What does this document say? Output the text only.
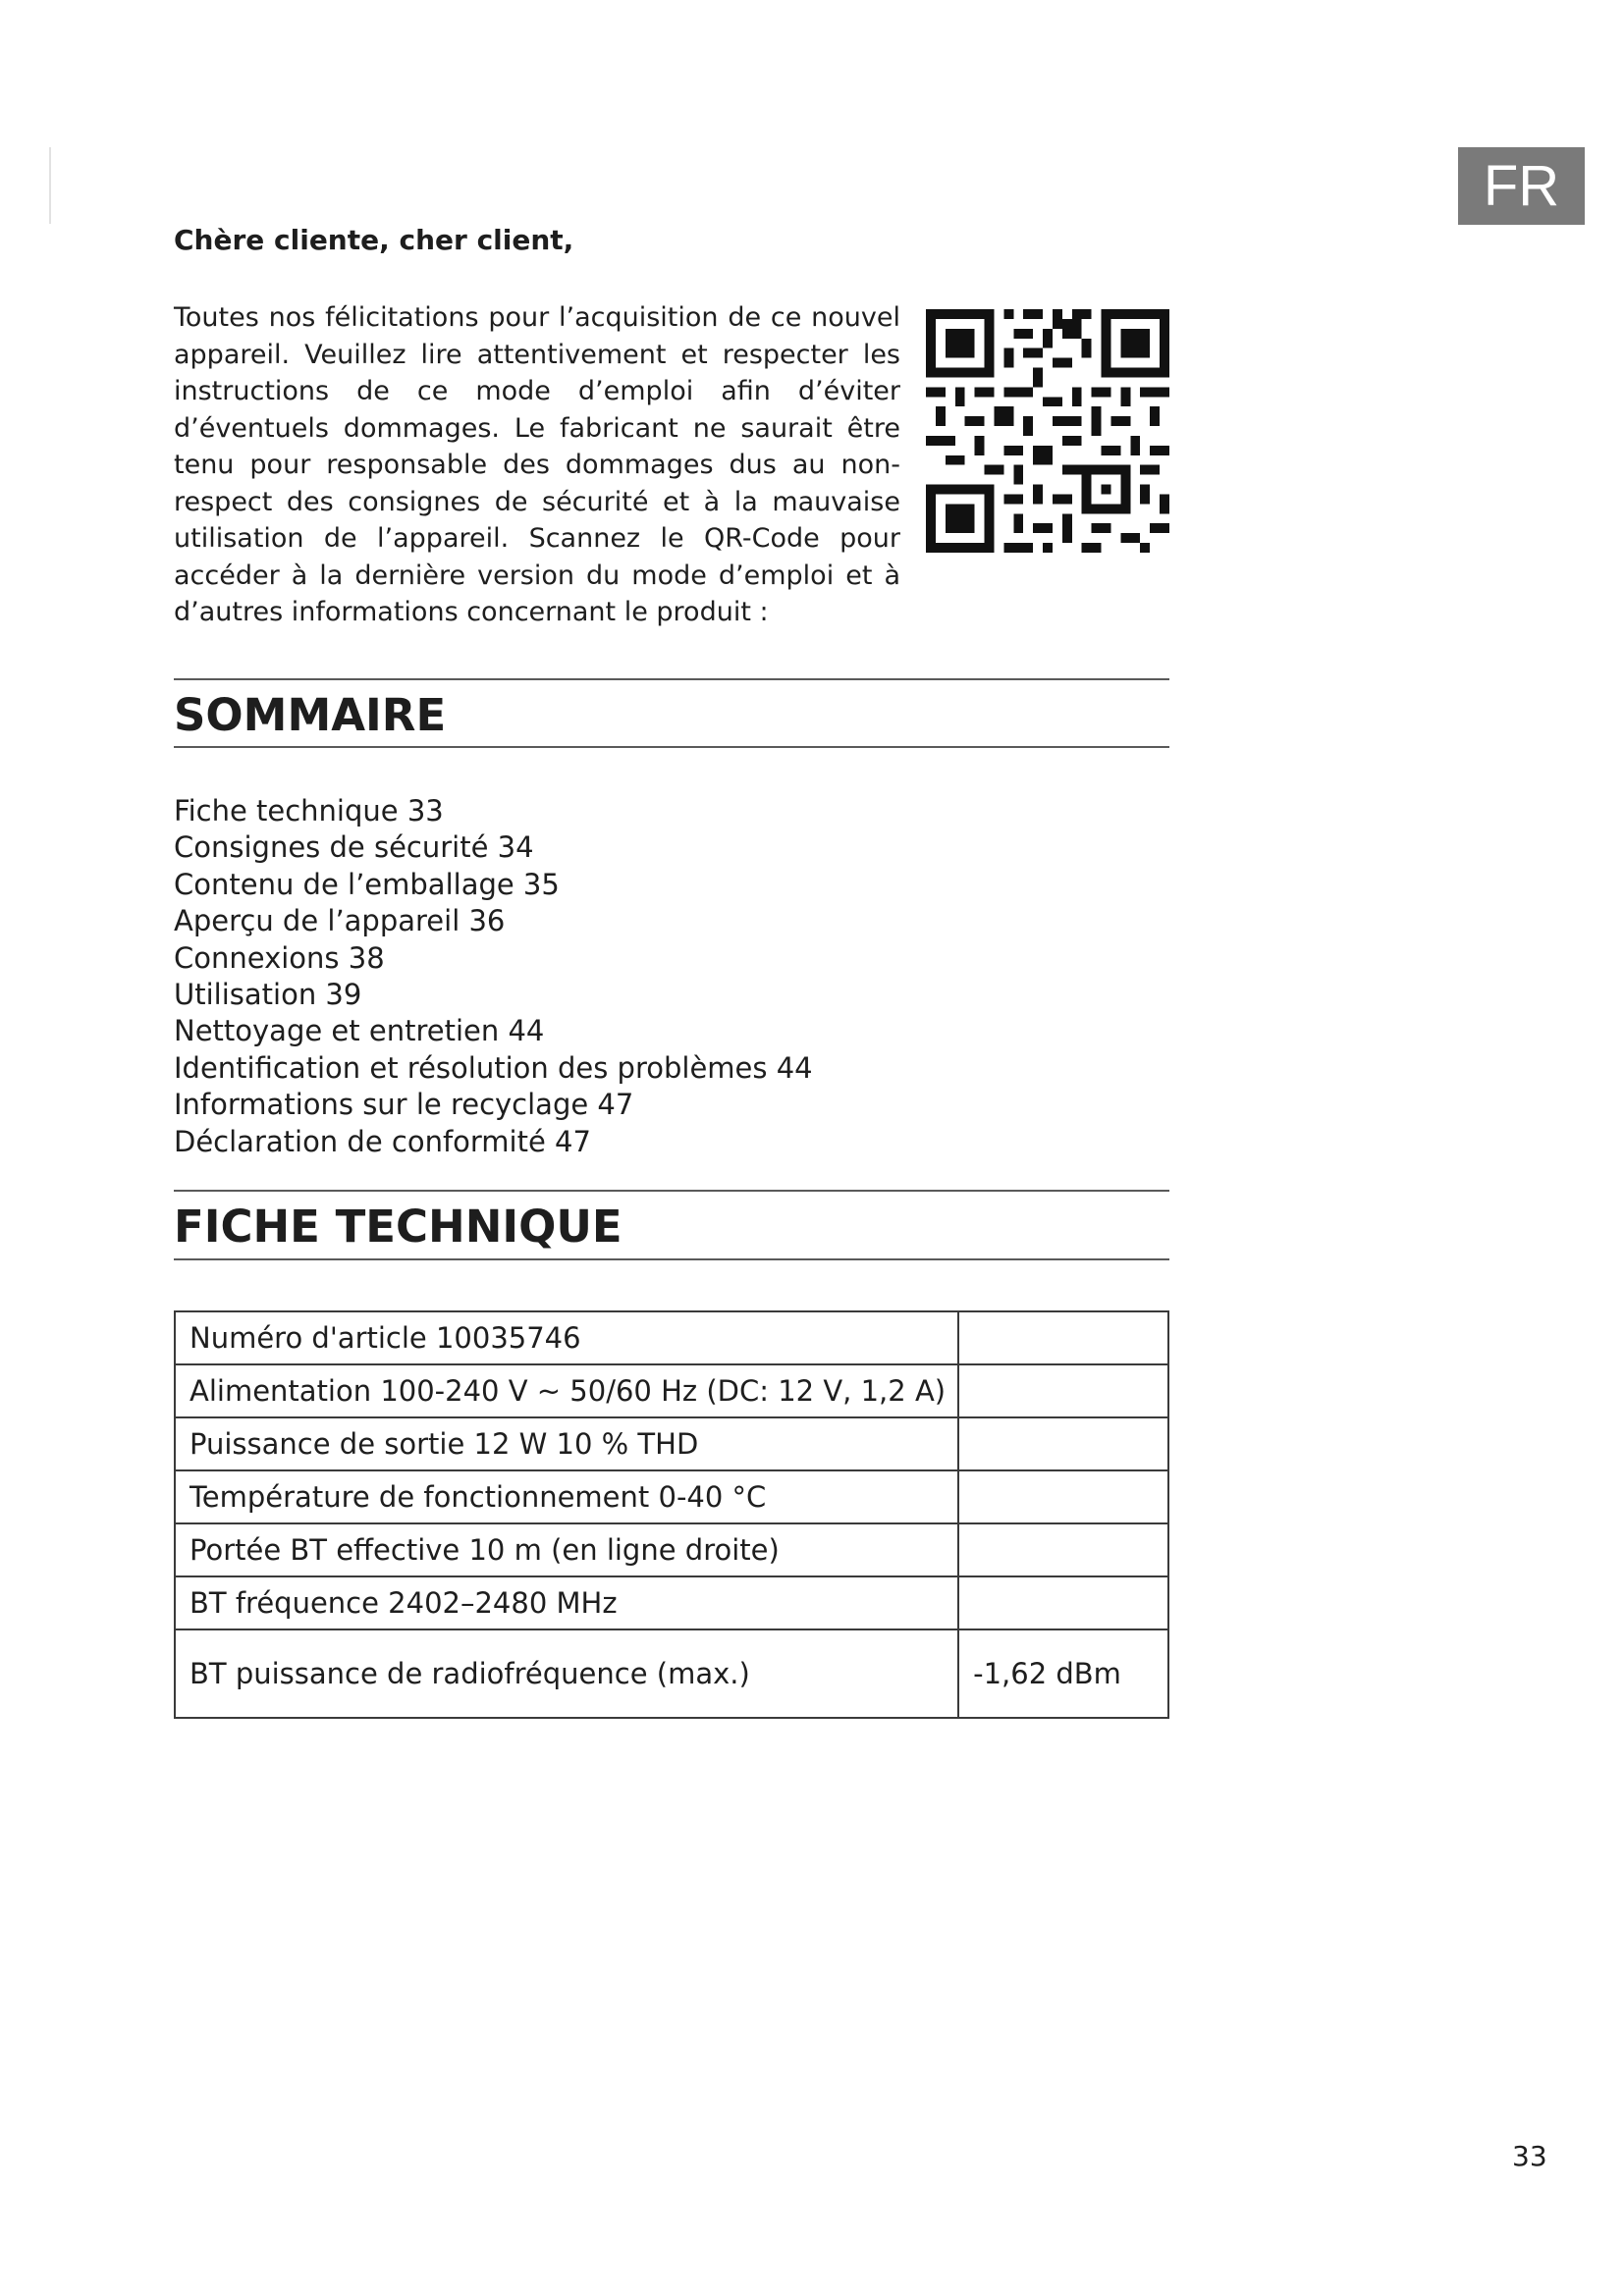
FR

Chère cliente, cher client,

Toutes nos félicitations pour l’acquisition de ce nouvel appareil. Veuillez lire attentivement et respecter les instructions de ce mode d’emploi afin d’éviter d’éventuels dommages. Le fabricant ne saurait être tenu pour responsable des dommages dus au non-respect des consignes de sécurité et à la mauvaise utilisation de l’appareil. Scannez le QR-Code pour accéder à la dernière version du mode d’emploi et à d’autres informations concernant le produit :

SOMMAIRE
Fiche technique 33
Consignes de sécurité 34
Contenu de l’emballage 35
Aperçu de l’appareil 36
Connexions 38
Utilisation 39
Nettoyage et entretien 44
Identification et résolution des problèmes 44
Informations sur le recyclage 47
Déclaration de conformité 47
FICHE TECHNIQUE
Numéro d'article 10035746	
Alimentation 100-240 V ~ 50/60 Hz (DC: 12 V, 1,2 A)	
Puissance de sortie 12 W 10 % THD	
Température de fonctionnement 0-40 °C	
Portée BT effective 10 m (en ligne droite)	
BT fréquence 2402–2480 MHz	
BT puissance de radiofréquence (max.)	-1,62 dBm
33
